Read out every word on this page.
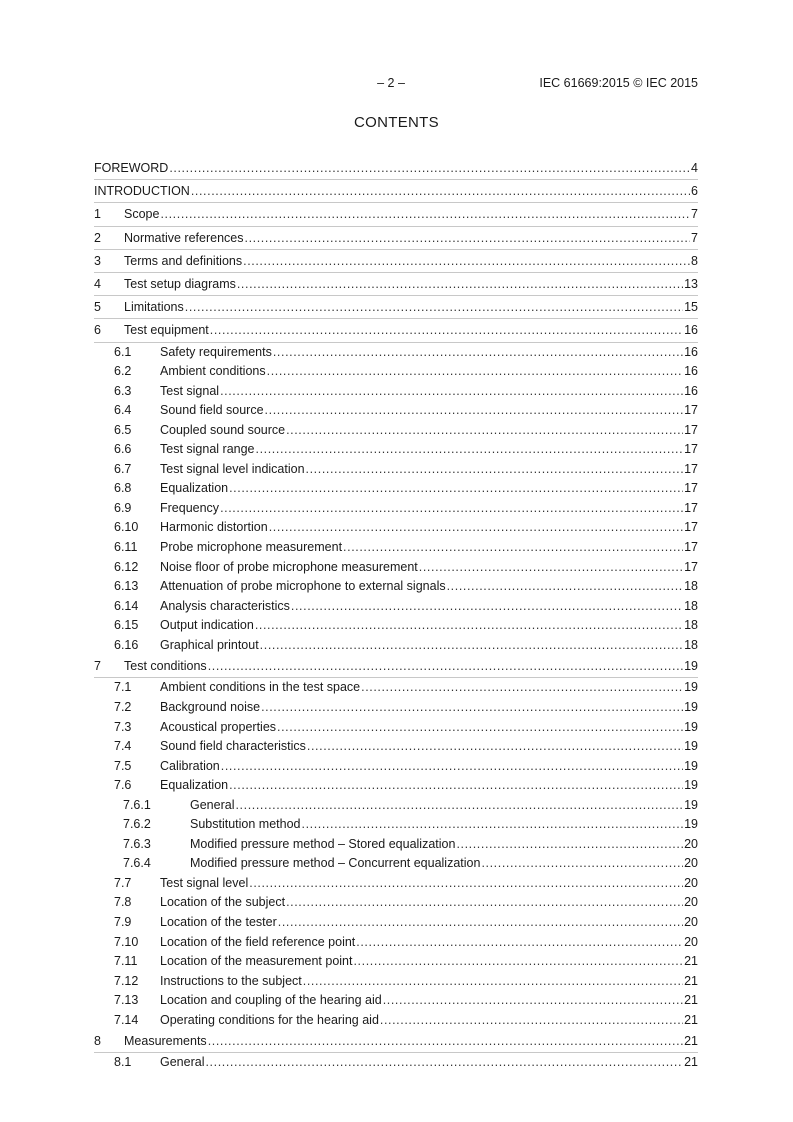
– 2 –	IEC 61669:2015 © IEC 2015
CONTENTS
FOREWORD .....	4
INTRODUCTION .....	6
1 Scope .....	7
2 Normative references .....	7
3 Terms and definitions .....	8
4 Test setup diagrams .....	13
5 Limitations .....	15
6 Test equipment .....	16
6.1 Safety requirements .....	16
6.2 Ambient conditions .....	16
6.3 Test signal .....	16
6.4 Sound field source .....	17
6.5 Coupled sound source .....	17
6.6 Test signal range .....	17
6.7 Test signal level indication .....	17
6.8 Equalization .....	17
6.9 Frequency .....	17
6.10 Harmonic distortion .....	17
6.11 Probe microphone measurement .....	17
6.12 Noise floor of probe microphone measurement .....	17
6.13 Attenuation of probe microphone to external signals .....	18
6.14 Analysis characteristics .....	18
6.15 Output indication .....	18
6.16 Graphical printout .....	18
7 Test conditions .....	19
7.1 Ambient conditions in the test space .....	19
7.2 Background noise .....	19
7.3 Acoustical properties .....	19
7.4 Sound field characteristics .....	19
7.5 Calibration .....	19
7.6 Equalization .....	19
7.6.1	General .....	19
7.6.2	Substitution method .....	19
7.6.3	Modified pressure method – Stored equalization .....	20
7.6.4	Modified pressure method – Concurrent equalization .....	20
7.7 Test signal level .....	20
7.8 Location of the subject .....	20
7.9 Location of the tester .....	20
7.10 Location of the field reference point .....	20
7.11 Location of the measurement point .....	21
7.12 Instructions to the subject .....	21
7.13 Location and coupling of the hearing aid .....	21
7.14 Operating conditions for the hearing aid .....	21
8 Measurements .....	21
8.1 General .....	21
